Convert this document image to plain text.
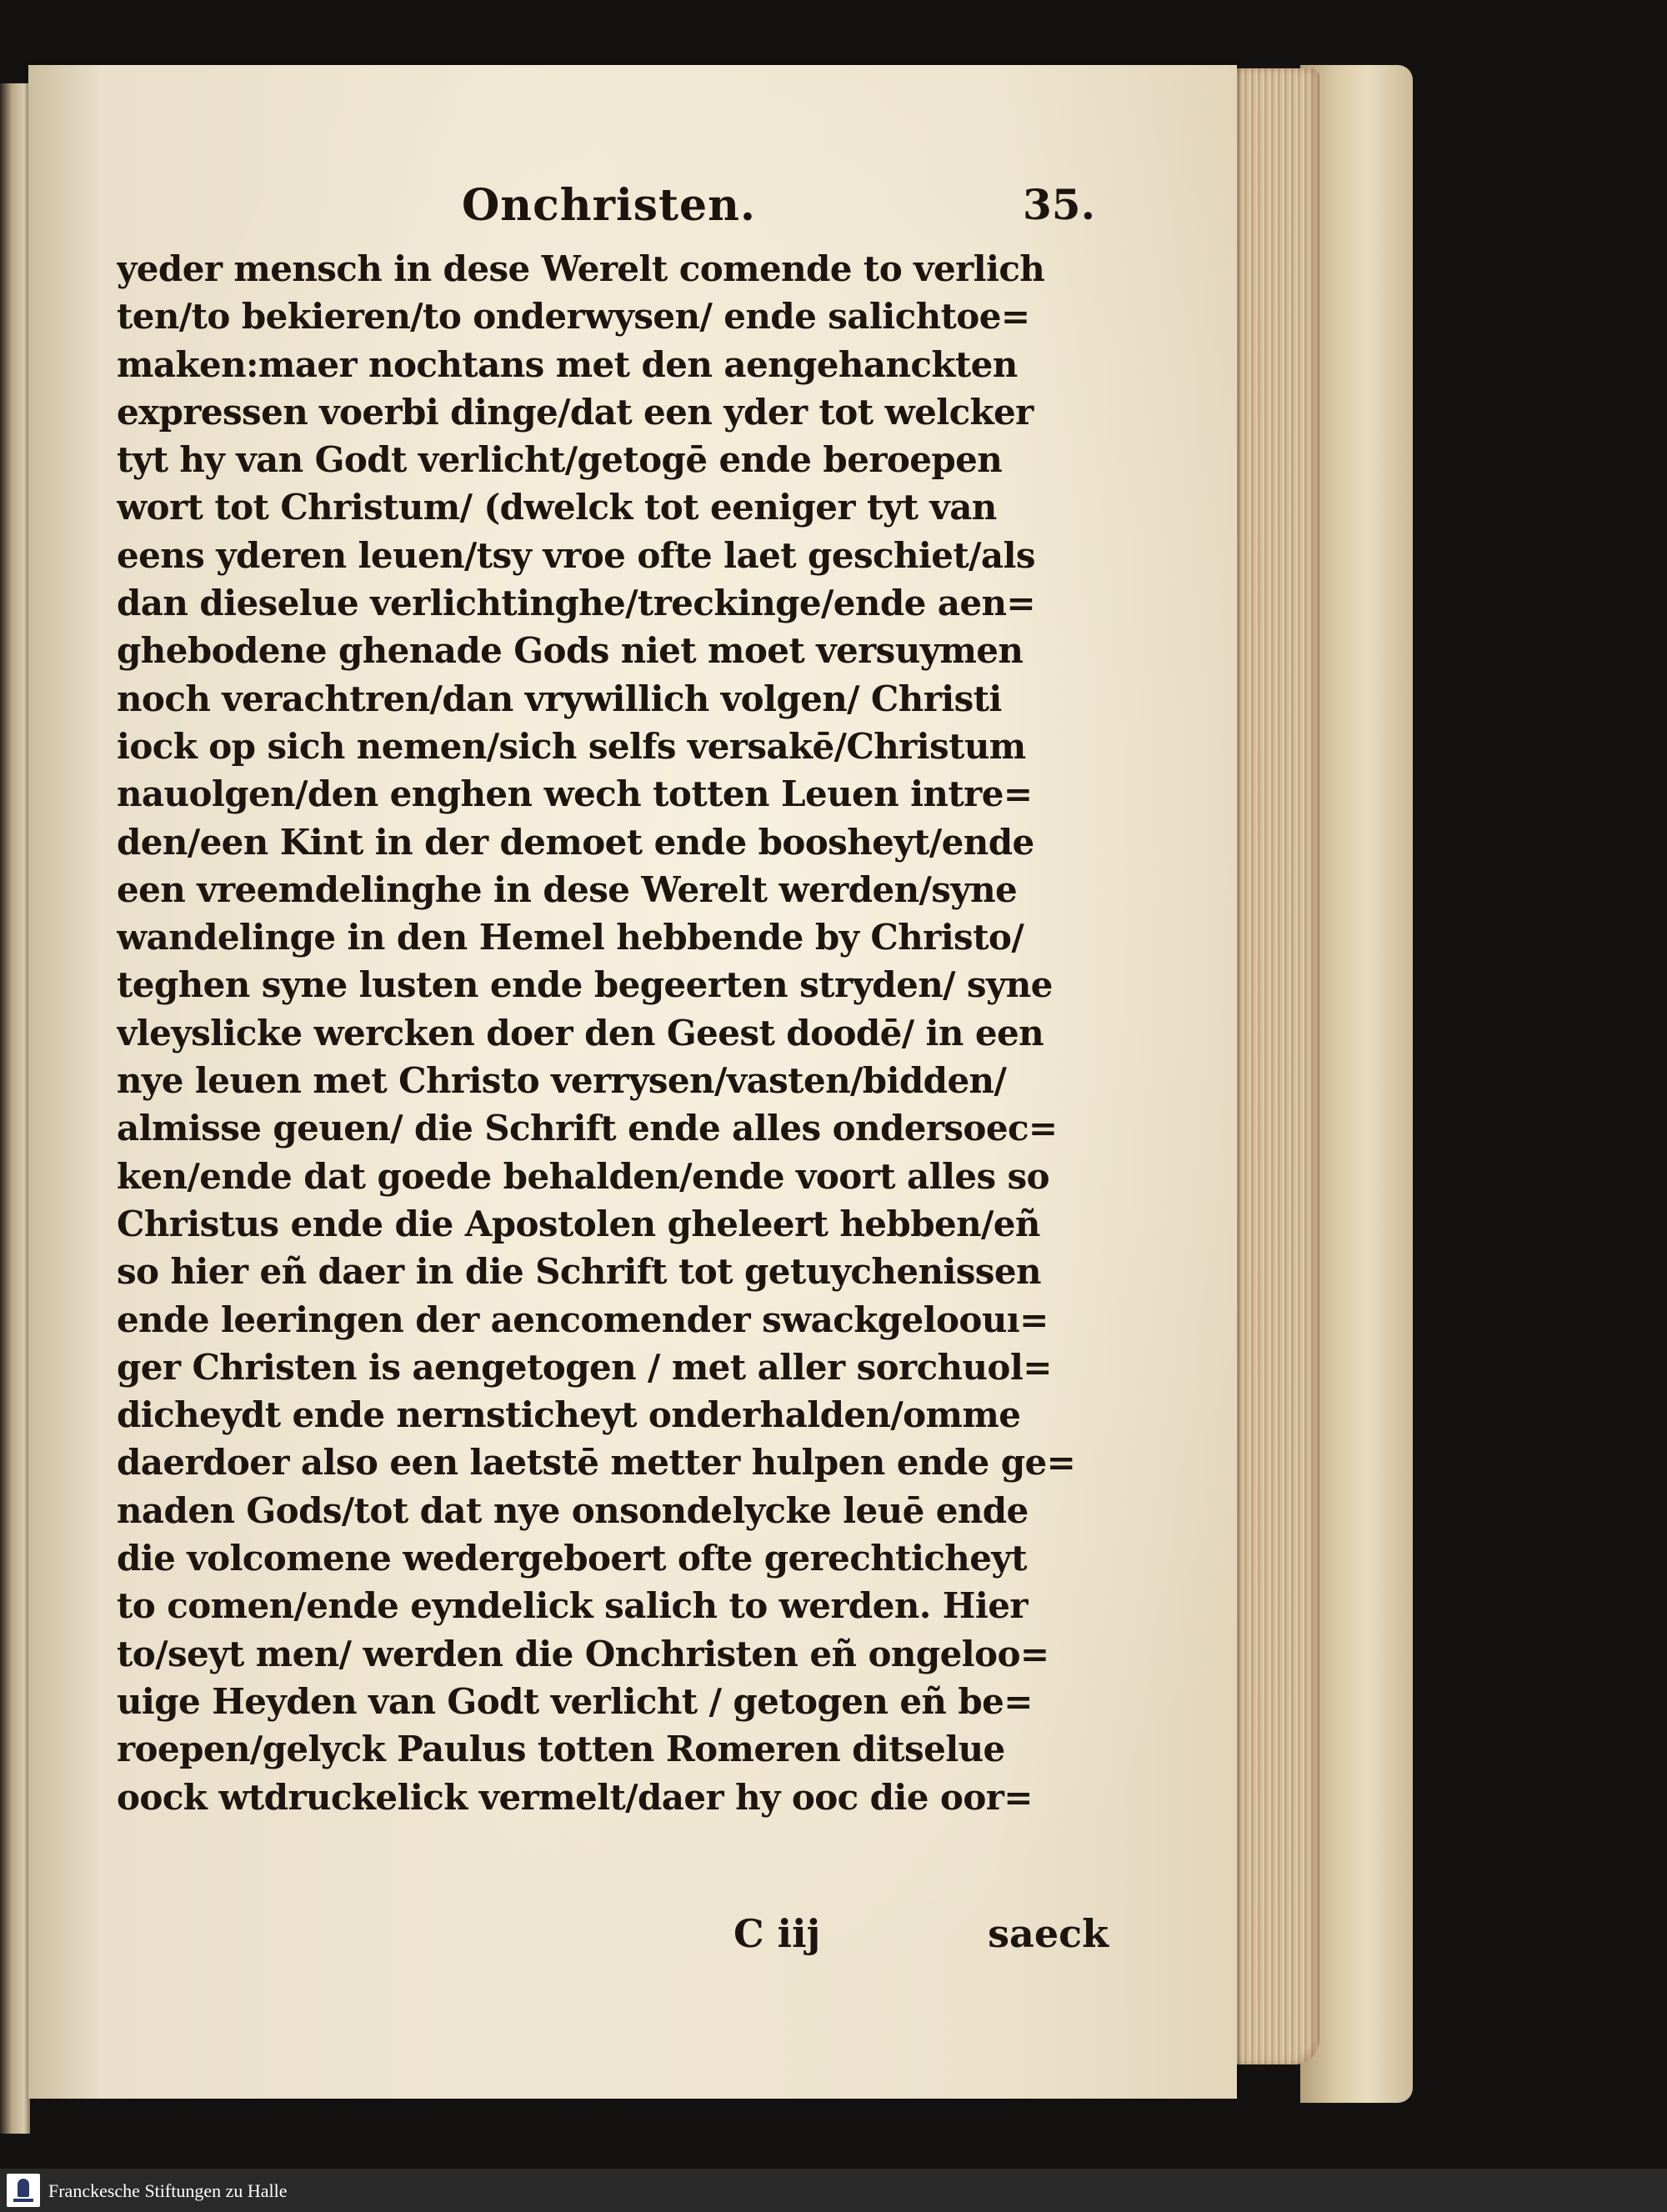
Onchristen.	35.
yeder mensch in dese Werelt comende to verlich
ten/to bekieren/to onderwysen/ ende salichtoe=
maken:maer nochtans met den aengehanckten
expressen voerbi dinge/dat een yder tot welcker
tyt hy van Godt verlicht/getogē ende beroepen
wort tot Christum/ (dwelck tot eeniger tyt van
eens yderen leuen/tsy vroe ofte laet geschiet/als
dan dieselue verlichtinghe/treckinge/ende aen=
ghebodene ghenade Gods niet moet versuymen
noch verachtren/dan vrywillich volgen/ Christi
iock op sich nemen/sich selfs versakē/Christum
nauolgen/den enghen wech totten Leuen intre=
den/een Kint in der demoet ende boosheyt/ende
een vreemdelinghe in dese Werelt werden/syne
wandelinge in den Hemel hebbende by Christo/
teghen syne lusten ende begeerten stryden/ syne
vleyslicke wercken doer den Geest doodē/ in een
nye leuen met Christo verrysen/vasten/bidden/
almisse geuen/ die Schrift ende alles ondersoec=
ken/ende dat goede behalden/ende voort alles so
Christus ende die Apostolen gheleert hebben/eñ
so hier eñ daer in die Schrift tot getuychenissen
ende leeringen der aencomender swackgeloouı=
ger Christen is aengetogen / met aller sorchuol=
dicheydt ende nernsticheyt onderhalden/omme
daerdoer also een laetstē metter hulpen ende ge=
naden Gods/tot dat nye onsondelycke leuē ende
die volcomene wedergeboert ofte gerechticheyt
to comen/ende eyndelick salich to werden. Hier
to/seyt men/ werden die Onchristen eñ ongeloo=
uige Heyden van Godt verlicht / getogen eñ be=
roepen/gelyck Paulus totten Romeren ditselue
oock wtdruckelick vermelt/daer hy ooc die oor=
C iij	saeck
Franckesche Stiftungen zu Halle
